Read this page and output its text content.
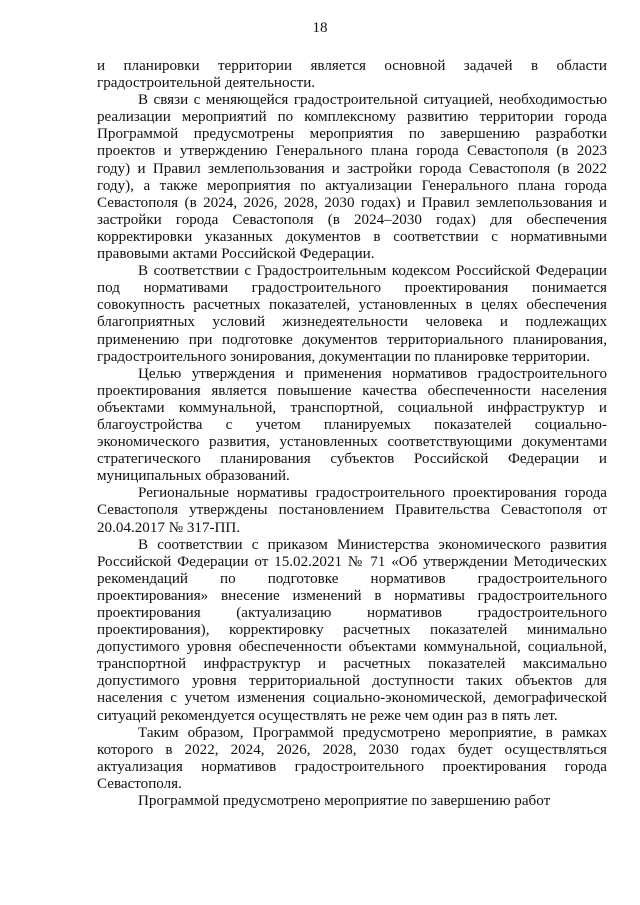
18

и планировки территории является основной задачей в области градостроительной деятельности.

В связи с меняющейся градостроительной ситуацией, необходимостью реализации мероприятий по комплексному развитию территории города Программой предусмотрены мероприятия по завершению разработки проектов и утверждению Генерального плана города Севастополя (в 2023 году) и Правил землепользования и застройки города Севастополя (в 2022 году), а также мероприятия по актуализации Генерального плана города Севастополя (в 2024, 2026, 2028, 2030 годах) и Правил землепользования и застройки города Севастополя (в 2024–2030 годах) для обеспечения корректировки указанных документов в соответствии с нормативными правовыми актами Российской Федерации.

В соответствии с Градостроительным кодексом Российской Федерации под нормативами градостроительного проектирования понимается совокупность расчетных показателей, установленных в целях обеспечения благоприятных условий жизнедеятельности человека и подлежащих применению при подготовке документов территориального планирования, градостроительного зонирования, документации по планировке территории.

Целью утверждения и применения нормативов градостроительного проектирования является повышение качества обеспеченности населения объектами коммунальной, транспортной, социальной инфраструктур и благоустройства с учетом планируемых показателей социально-экономического развития, установленных соответствующими документами стратегического планирования субъектов Российской Федерации и муниципальных образований.

Региональные нормативы градостроительного проектирования города Севастополя утверждены постановлением Правительства Севастополя от 20.04.2017 № 317-ПП.

В соответствии с приказом Министерства экономического развития Российской Федерации от 15.02.2021 № 71 «Об утверждении Методических рекомендаций по подготовке нормативов градостроительного проектирования» внесение изменений в нормативы градостроительного проектирования (актуализацию нормативов градостроительного проектирования), корректировку расчетных показателей минимально допустимого уровня обеспеченности объектами коммунальной, социальной, транспортной инфраструктур и расчетных показателей максимально допустимого уровня территориальной доступности таких объектов для населения с учетом изменения социально-экономической, демографической ситуаций рекомендуется осуществлять не реже чем один раз в пять лет.

Таким образом, Программой предусмотрено мероприятие, в рамках которого в 2022, 2024, 2026, 2028, 2030 годах будет осуществляться актуализация нормативов градостроительного проектирования города Севастополя.

Программой предусмотрено мероприятие по завершению работ
